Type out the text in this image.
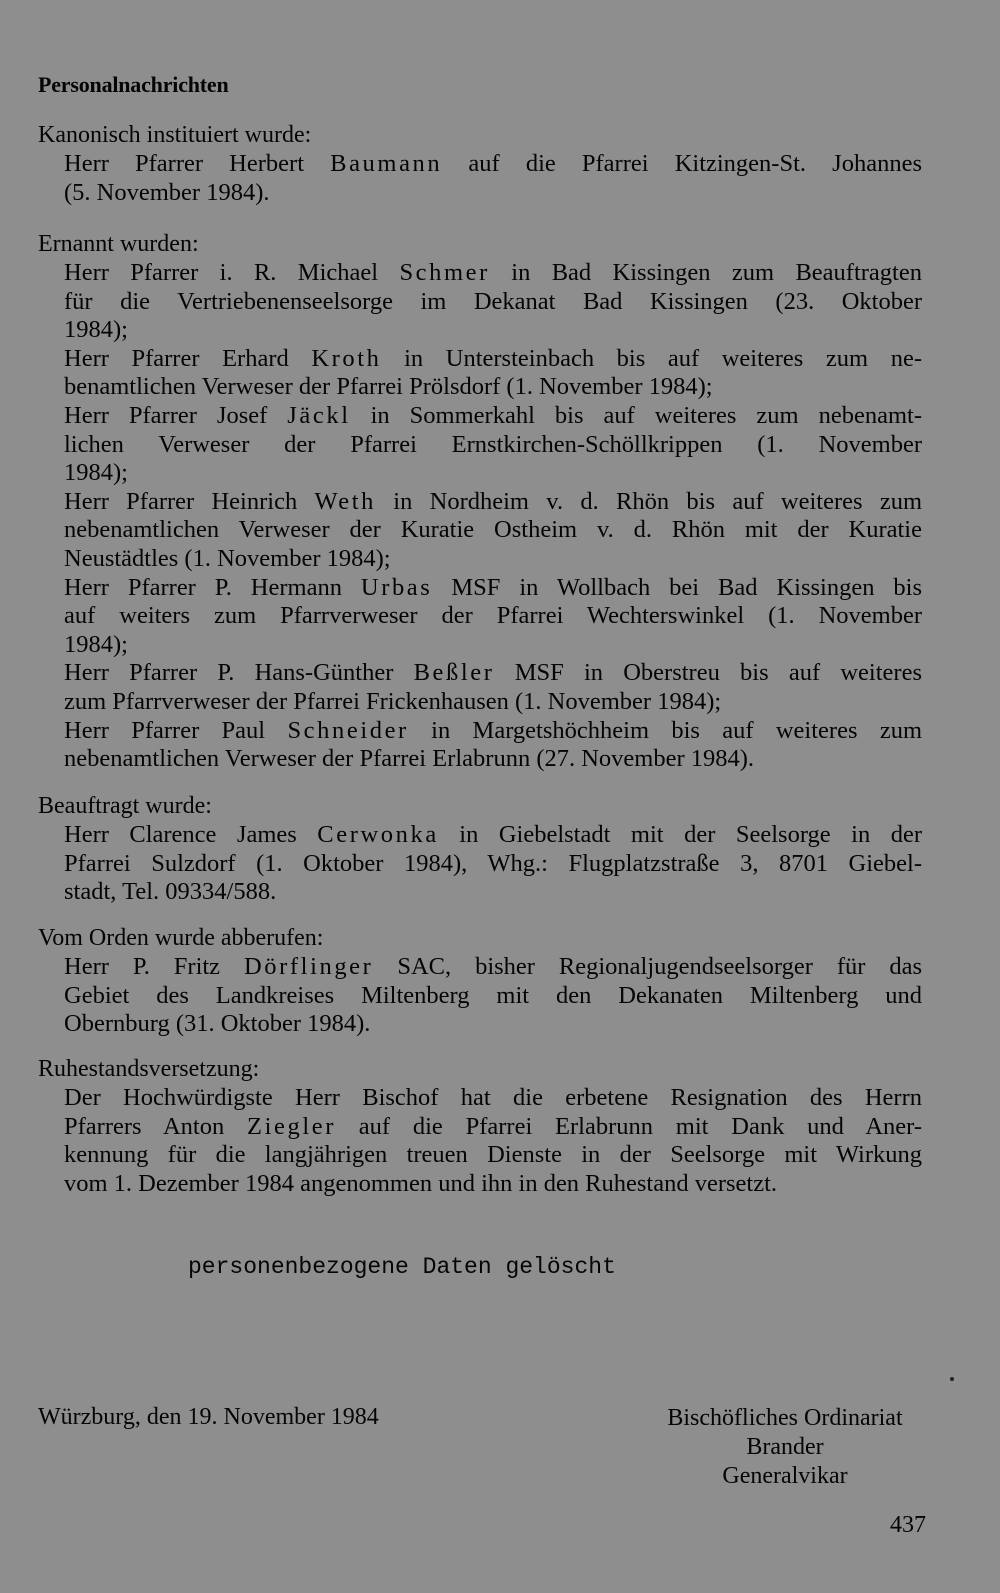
Personalnachrichten

Kanonisch instituiert wurde:

Herr Pfarrer Herbert Baumann auf die Pfarrei Kitzingen-St. Johannes
(5. November 1984).

Ernannt wurden:

Herr Pfarrer i. R. Michael Schmer in Bad Kissingen zum Beauftragten
für die Vertriebenenseelsorge im Dekanat Bad Kissingen (23. Oktober
1984);
Herr Pfarrer Erhard Kroth in Untersteinbach bis auf weiteres zum ne-
benamtlichen Verweser der Pfarrei Prölsdorf (1. November 1984);
Herr Pfarrer Josef Jäckl in Sommerkahl bis auf weiteres zum nebenamt-
lichen Verweser der Pfarrei Ernstkirchen-Schöllkrippen (1. November
1984);
Herr Pfarrer Heinrich Weth in Nordheim v. d. Rhön bis auf weiteres zum
nebenamtlichen Verweser der Kuratie Ostheim v. d. Rhön mit der Kuratie
Neustädtles (1. November 1984);
Herr Pfarrer P. Hermann Urbas MSF in Wollbach bei Bad Kissingen bis
auf weiters zum Pfarrverweser der Pfarrei Wechterswinkel (1. November
1984);
Herr Pfarrer P. Hans-Günther Beßler MSF in Oberstreu bis auf weiteres
zum Pfarrverweser der Pfarrei Frickenhausen (1. November 1984);
Herr Pfarrer Paul Schneider in Margetshöchheim bis auf weiteres zum
nebenamtlichen Verweser der Pfarrei Erlabrunn (27. November 1984).

Beauftragt wurde:

Herr Clarence James Cerwonka in Giebelstadt mit der Seelsorge in der
Pfarrei Sulzdorf (1. Oktober 1984), Whg.: Flugplatzstraße 3, 8701 Giebel-
stadt, Tel. 09334/588.

Vom Orden wurde abberufen:

Herr P. Fritz Dörflinger SAC, bisher Regionaljugendseelsorger für das
Gebiet des Landkreises Miltenberg mit den Dekanaten Miltenberg und
Obernburg (31. Oktober 1984).

Ruhestandsversetzung:

Der Hochwürdigste Herr Bischof hat die erbetene Resignation des Herrn
Pfarrers Anton Ziegler auf die Pfarrei Erlabrunn mit Dank und Aner-
kennung für die langjährigen treuen Dienste in der Seelsorge mit Wirkung
vom 1. Dezember 1984 angenommen und ihn in den Ruhestand versetzt.

personenbezogene Daten gelöscht
Würzburg, den 19. November 1984	Bischöfliches Ordinariat
Brander
Generalvikar
437
